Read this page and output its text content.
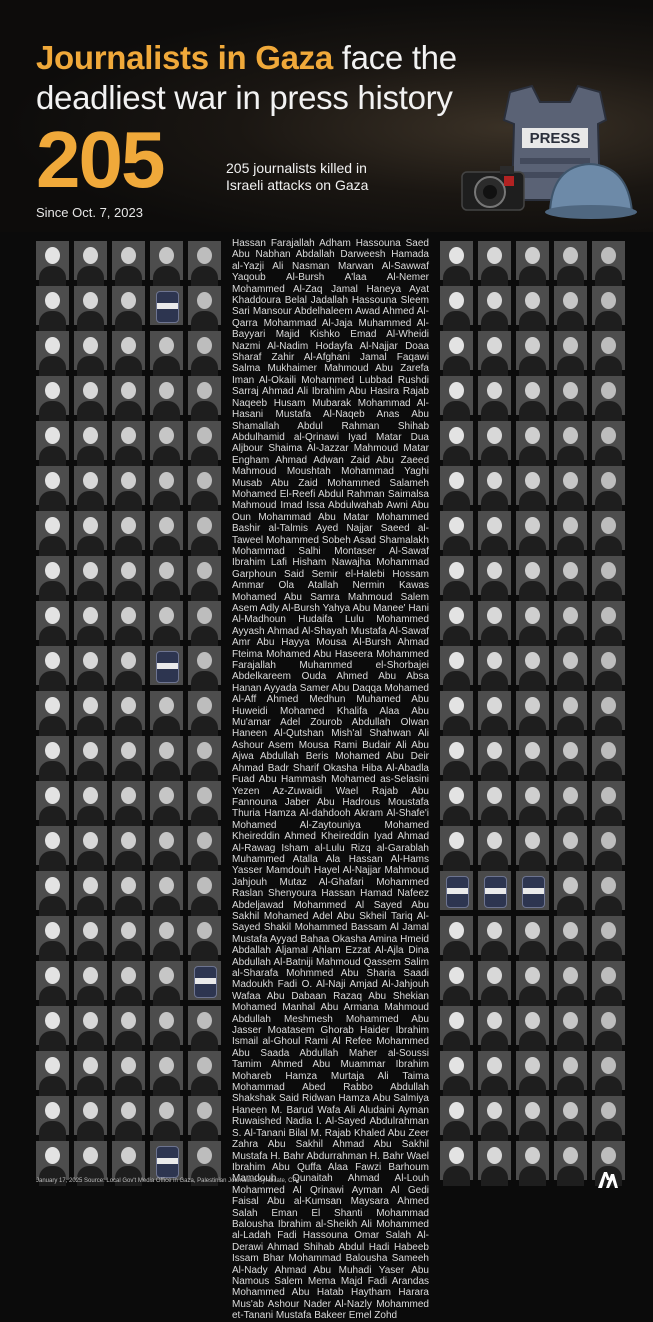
Journalists in Gaza face the deadliest war in press history
205	205 journalists killed in Israeli attacks on Gaza
Since Oct. 7, 2023
PRESS
Hassan Farajallah Adham Hassouna Saed Abu Nabhan Abdallah Darweesh Hamada al-Yazji Ali Nasman Marwan Al-Sawwaf Yaqoub Al-Bursh A'laa Al-Nemer Mohammed Al-Zaq Jamal Haneya Ayat Khaddoura Belal Jadallah Hassouna Sleem Sari Mansour Abdelhaleem Awad Ahmed Al-Qarra Mohammad Al-Jaja Muhammed Al-Bayyari Majid Kishko Emad Al-Wheidi Nazmi Al-Nadim Hodayfa Al-Najjar Doaa Sharaf Zahir Al-Afghani Jamal Faqawi Salma Mukhaimer Mahmoud Abu Zarefa Iman Al-Okaili Mohammed Lubbad Rushdi Sarraj Ahmad Ali Ibrahim Abu Hasira Rajab Naqeeb Husam Mubarak Mohammad Al-Hasani Mustafa Al-Naqeb Anas Abu Shamallah Abdul Rahman Shihab Abdulhamid al-Qrinawi Iyad Matar Dua Aljbour Shaima Al-Jazzar Mahmoud Matar Engham Ahmad Adwan Zaid Abu Zaeed Mahmoud Moushtah Mohammad Yaghi Musab Abu Zaid Mohammed Salameh Mohamed El-Reefi Abdul Rahman Saimalsa Mahmoud Imad Issa Abdulwahab Awni Abu Oun Mohammad Abu Matar Mohammed Bashir al-Talmis Ayed Najjar Saeed al-Taweel Mohammed Sobeh Asad Shamalakh Mohammad Salhi Montaser Al-Sawaf Ibrahim Lafi Hisham Nawajha Mohammad Garphoun Said Semir el-Halebi Hossam Ammar Ola Atallah Nermin Kawas Mohamed Abu Samra Mahmoud Salem Asem Adly Al-Bursh Yahya Abu Manee' Hani Al-Madhoun Hudaifa Lulu Mohammed Ayyash Ahmad Al-Shayah Mustafa Al-Sawaf Amr Abu Hayya Mousa Al-Bursh Ahmad Fteima Mohamed Abu Haseera Mohammed Farajallah Muhammed el-Shorbajei Abdelkareem Ouda Ahmed Abu Absa Hanan Ayyada Samer Abu Daqqa Mohamed Al-Aff Ahmed Medhun Muhamed Abu Huweidi Mohamed Khalifa Alaa Abu Mu'amar Adel Zourob Abdullah Olwan Haneen Al-Qutshan Mish'al Shahwan Ali Ashour Asem Mousa Rami Budair Ali Abu Ajwa Abdullah Beris Mohamed Abu Deir Ahmad Badr Sharif Okasha Hiba Al-Abadla Fuad Abu Hammash Mohamed as-Selasini Yezen Az-Zuwaidi Wael Rajab Abu Fannouna Jaber Abu Hadrous Moustafa Thuria Hamza Al-dahdooh Akram Al-Shafe'i Mohamed Al-Zaytouniya Mohamed Kheireddin Ahmed Kheireddin Iyad Ahmad Al-Rawag Isham al-Lulu Rizq al-Garablah Muhammed Atalla Ala Hassan Al-Hams Yasser Mamdouh Hayel Al-Najjar Mahmoud Jahjouh Mutaz Al-Ghafari Mohammed Raslan Shenyoura Hassan Hamad Nafeez Abdeljawad Mohammed Al Sayed Abu Sakhil Mohamed Adel Abu Skheil Tariq Al-Sayed Shakil Mohammed Bassam Al Jamal Mustafa Ayyad Bahaa Okasha Amina Hmeid Abdallah Aljamal Ahlam Ezzat Al-Ajla Dina Abdullah Al-Batniji Mahmoud Qassem Salim al-Sharafa Mohmmed Abu Sharia Saadi Madoukh Fadi O. Al-Naji Amjad Al-Jahjouh Wafaa Abu Dabaan Razaq Abu Shekian Mohamed Manhal Abu Armana Mahmoud Abdullah Meshmesh Mohammed Abu Jasser Moatasem Ghorab Haider Ibrahim Ismail al-Ghoul Rami Al Refee Mohammed Abu Saada Abdullah Maher al-Soussi Tamim Ahmed Abu Muammar Ibrahim Mohareb Hamza Murtaja Ali Taima Mohammad Abed Rabbo Abdullah Shakshak Said Ridwan Hamza Abu Salmiya Haneen M. Barud Wafa Ali Aludaini Ayman Ruwaished Nadia I. Al-Sayed Abdulrahman S. Al-Tanani Bilal M. Rajab Khaled Abu Zeer Zahra Abu Sakhil Ahmad Abu Sakhil Mustafa H. Bahr Abdurrahman H. Bahr Wael Ibrahim Abu Quffa Alaa Fawzi Barhoum Mamdouh Qunaitah Ahmad Al-Louh Mohammed Al Qrinawi Ayman Al Gedi Faisal Abu al-Kumsan Maysara Ahmed Salah Eman El Shanti Mohammad Balousha Ibrahim al-Sheikh Ali Mohammed al-Ladah Fadi Hassouna Omar Salah Al-Derawi Ahmad Shihab Abdul Hadi Habeeb Issam Bhar Mohammad Balousha Sameeh Al-Nady Ahmad Abu Muhadi Yaser Abu Namous Salem Mema Majd Fadi Arandas Mohammed Abu Hatab Haytham Harara Mus'ab Ashour Nader Al-Nazly Mohammed et-Tanani Mustafa Bakeer Emel Zohd
January 17, 2025 Source: Local Gov't Media Office in Gaza, Palestinian Journalists Syndicate, CPJ
